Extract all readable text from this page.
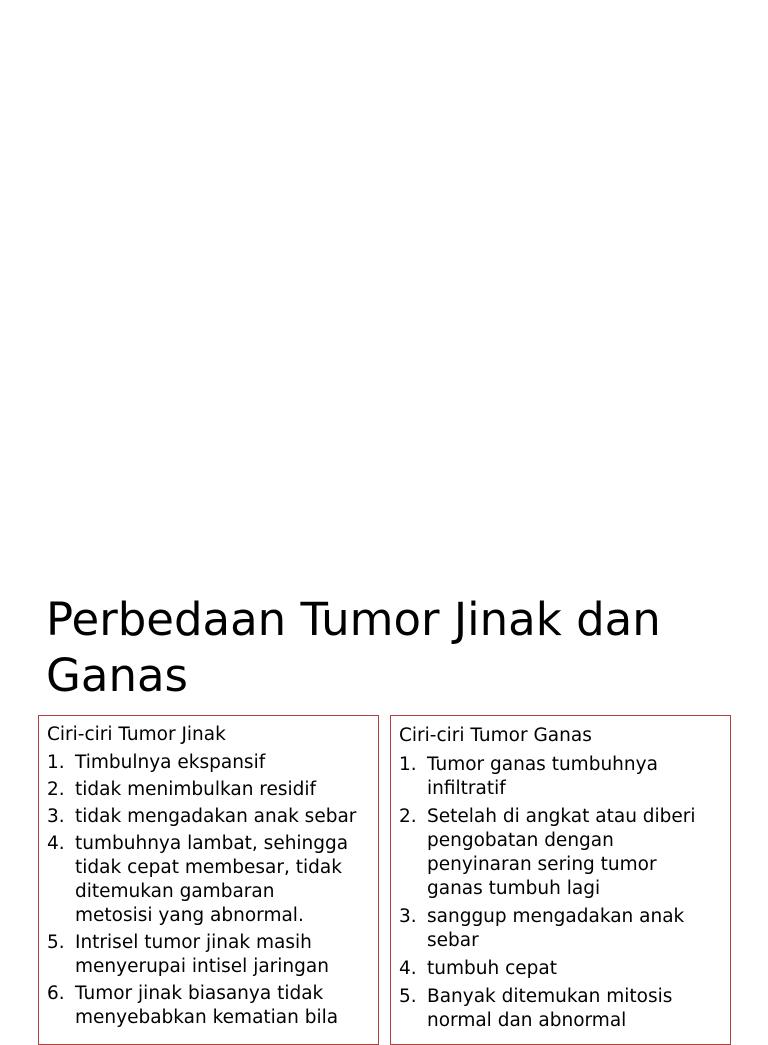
Perbedaan Tumor Jinak dan Ganas
Ciri-ciri Tumor Jinak
1. Timbulnya ekspansif
2. tidak menimbulkan residif
3. tidak mengadakan anak sebar
4. tumbuhnya lambat, sehingga
tidak cepat membesar, tidak
ditemukan gambaran
metosisi yang abnormal.
5. Intrisel tumor jinak masih
menyerupai intisel jaringan
6. Tumor jinak biasanya tidak
menyebabkan kematian bila
Ciri-ciri Tumor Ganas
1. Tumor ganas tumbuhnya
infiltratif
2. Setelah di angkat atau diberi
pengobatan dengan
penyinaran sering tumor
ganas tumbuh lagi
3. sanggup mengadakan anak
sebar
4. tumbuh cepat
5. Banyak ditemukan mitosis
normal dan abnormal
